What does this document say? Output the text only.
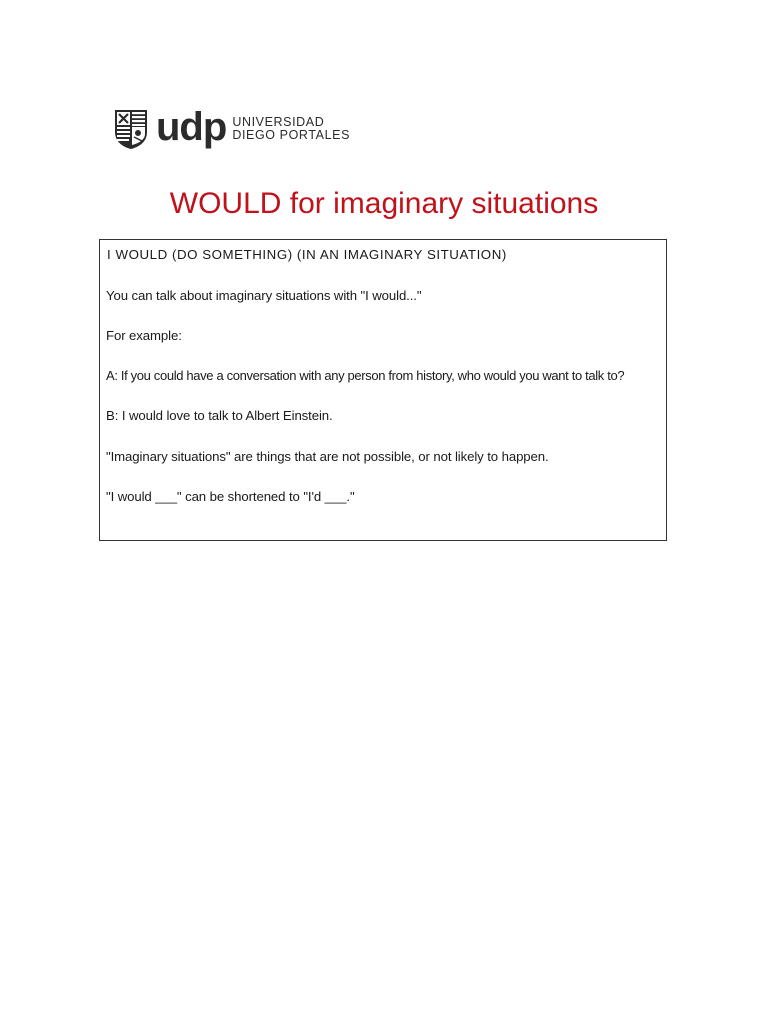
udp UNIVERSIDAD
DIEGO PORTALES
WOULD for imaginary situations
I WOULD (DO SOMETHING) (IN AN IMAGINARY SITUATION)

You can talk about imaginary situations with "I would..."

For example:

A: If you could have a conversation with any person from history, who would you want to talk to?

B: I would love to talk to Albert Einstein.

"Imaginary situations" are things that are not possible, or not likely to happen.

"I would ___" can be shortened to "I'd ___."
